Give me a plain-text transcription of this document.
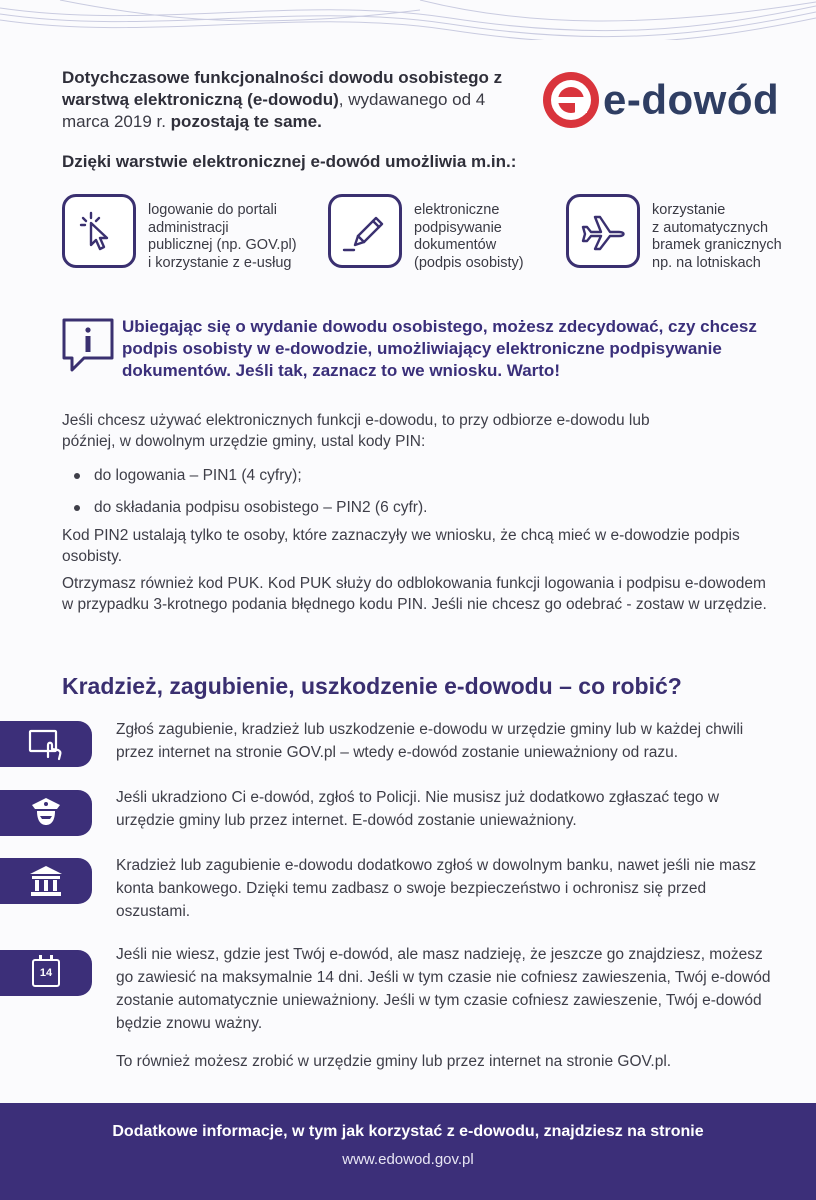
Dotychczasowe funkcjonalności dowodu osobistego z warstwą elektroniczną (e-dowodu), wydawanego od 4 marca 2019 r. pozostają te same.	e-dowód
Dzięki warstwie elektronicznej e-dowód umożliwia m.in.:
logowanie do portali
administracji
publicznej (np. GOV.pl)
i korzystanie z e-usług
elektroniczne
podpisywanie
dokumentów
(podpis osobisty)
korzystanie
z automatycznych
bramek granicznych
np. na lotniskach
Ubiegając się o wydanie dowodu osobistego, możesz zdecydować, czy chcesz podpis osobisty w e-dowodzie, umożliwiający elektroniczne podpisywanie dokumentów. Jeśli tak, zaznacz to we wniosku. Warto!
Jeśli chcesz używać elektronicznych funkcji e-dowodu, to przy odbiorze e-dowodu lub później, w dowolnym urzędzie gminy, ustal kody PIN:
do logowania – PIN1 (4 cyfry);
do składania podpisu osobistego – PIN2 (6 cyfr).
Kod PIN2 ustalają tylko te osoby, które zaznaczyły we wniosku, że chcą mieć w e-dowodzie podpis osobisty.
Otrzymasz również kod PUK. Kod PUK służy do odblokowania funkcji logowania i podpisu e-dowodem w przypadku 3-krotnego podania błędnego kodu PIN. Jeśli nie chcesz go odebrać - zostaw w urzędzie.
Kradzież, zagubienie, uszkodzenie e-dowodu – co robić?
Zgłoś zagubienie, kradzież lub uszkodzenie e-dowodu w urzędzie gminy lub w każdej chwili przez internet na stronie GOV.pl – wtedy e-dowód zostanie unieważniony od razu.
Jeśli ukradziono Ci e-dowód, zgłoś to Policji. Nie musisz już dodatkowo zgłaszać tego w urzędzie gminy lub przez internet. E-dowód zostanie unieważniony.
Kradzież lub zagubienie e-dowodu dodatkowo zgłoś w dowolnym banku, nawet jeśli nie masz konta bankowego. Dzięki temu zadbasz o swoje bezpieczeństwo i ochronisz się przed oszustami.
14
Jeśli nie wiesz, gdzie jest Twój e-dowód, ale masz nadzieję, że jeszcze go znajdziesz, możesz go zawiesić na maksymalnie 14 dni. Jeśli w tym czasie nie cofniesz zawieszenia, Twój e-dowód zostanie automatycznie unieważniony. Jeśli w tym czasie cofniesz zawieszenie, Twój e-dowód będzie znowu ważny.
To również możesz zrobić w urzędzie gminy lub przez internet na stronie GOV.pl.
Dodatkowe informacje, w tym jak korzystać z e-dowodu, znajdziesz na stronie
www.edowod.gov.pl
